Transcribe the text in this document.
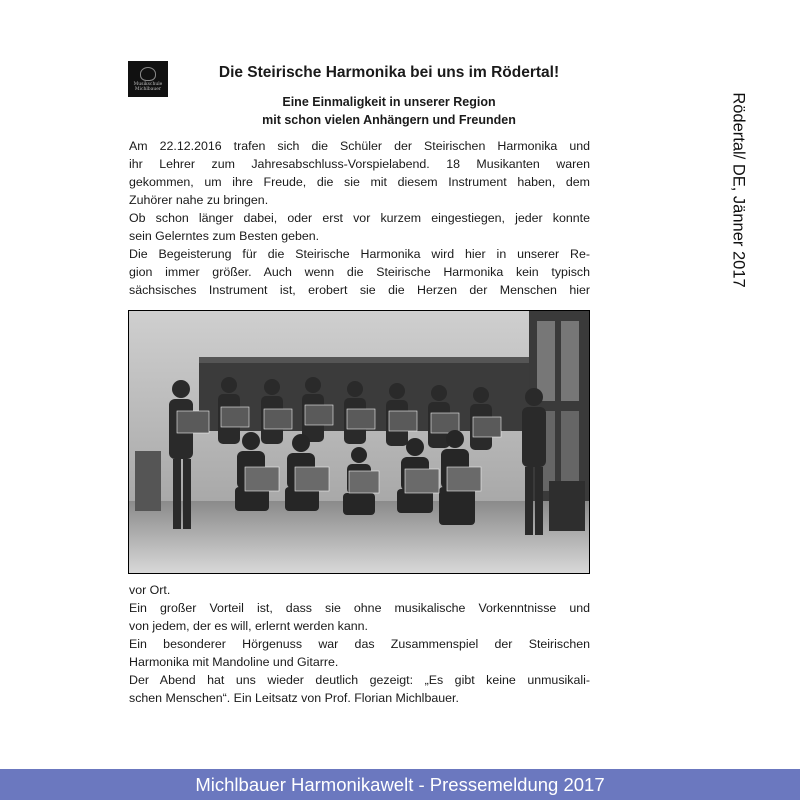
Musikschule
Michlbauer
Die Steirische Harmonika bei uns im Rödertal!
Eine Einmaligkeit in unserer Region
mit schon vielen Anhängern und Freunden
Am 22.12.2016 trafen sich die Schüler der Steirischen Harmonika und
ihr Lehrer zum Jahresabschluss-Vorspielabend. 18 Musikanten waren
gekommen, um ihre Freude, die sie mit diesem Instrument haben, dem
Zuhörer nahe zu bringen.
Ob schon länger dabei, oder erst vor kurzem eingestiegen, jeder konnte
sein Gelerntes zum Besten geben.
Die Begeisterung für die Steirische Harmonika wird hier in unserer Re-
gion immer größer. Auch wenn die Steirische Harmonika kein typisch
sächsisches Instrument ist, erobert sie die Herzen der Menschen hier
vor Ort.
Ein großer Vorteil ist, dass sie ohne musikalische Vorkenntnisse und
von jedem, der es will, erlernt werden kann.
Ein besonderer Hörgenuss war das Zusammenspiel der Steirischen
Harmonika mit Mandoline und Gitarre.
Der Abend hat uns wieder deutlich gezeigt: „Es gibt keine unmusikali-
schen Menschen“. Ein Leitsatz von Prof. Florian Michlbauer.
Rödertal/ DE, Jänner 2017
Michlbauer Harmonikawelt - Pressemeldung 2017
